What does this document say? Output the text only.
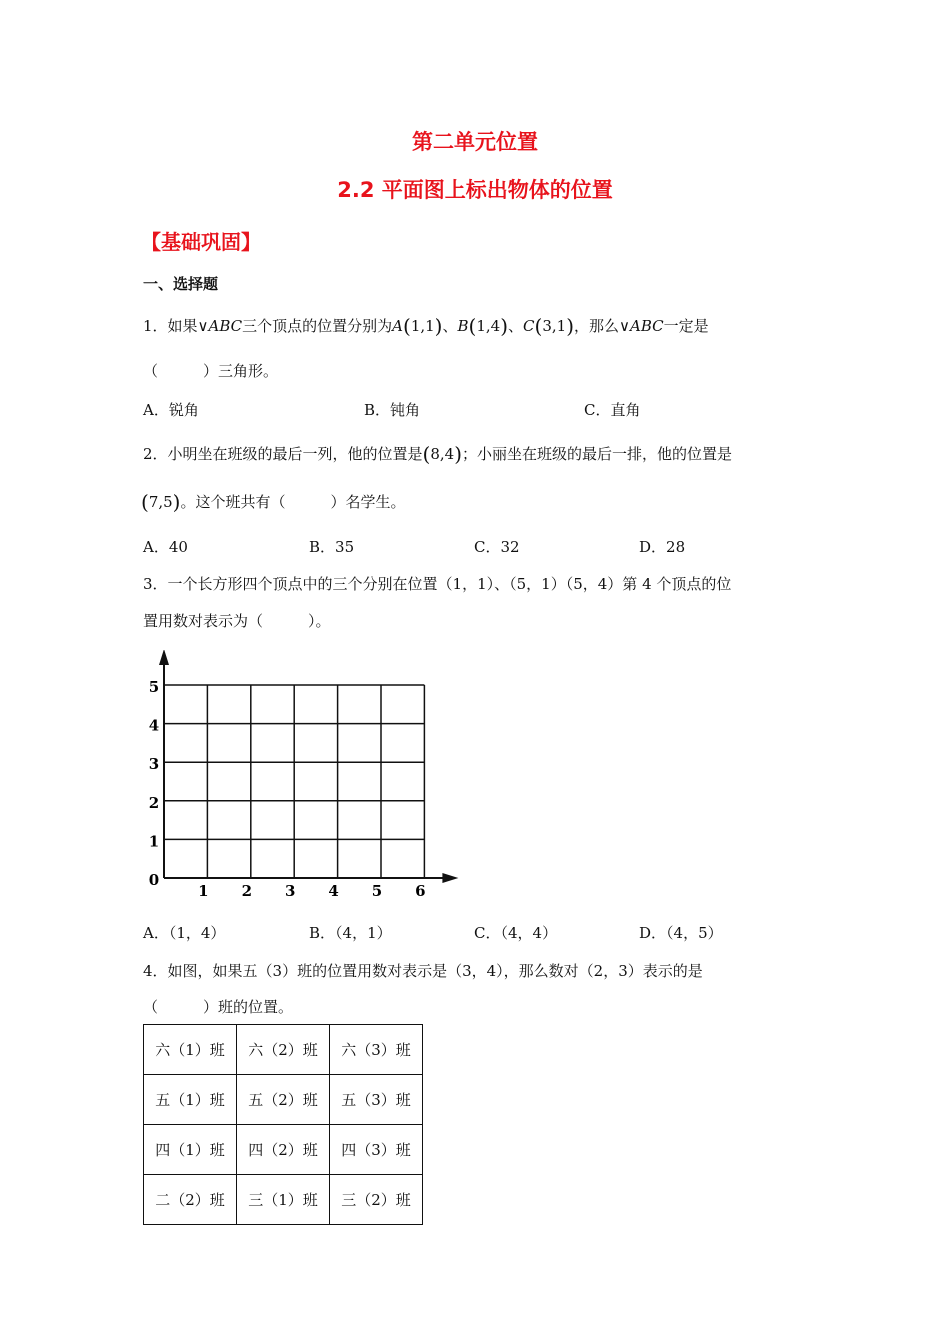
第二单元位置
2.2 平面图上标出物体的位置
【基础巩固】
一、选择题
1．如果∨ABC三个顶点的位置分别为A(1,1)、B(1,4)、C(3,1)，那么∨ABC一定是
（　　　）三角形。
A．锐角	B．钝角	C．直角
2．小明坐在班级的最后一列，他的位置是(8,4)；小丽坐在班级的最后一排，他的位置是
(7,5)。这个班共有（　　　）名学生。
A．40	B．35	C．32	D．28
3．一个长方形四个顶点中的三个分别在位置（1，1）、（5，1）（5，4）第 4 个顶点的位
置用数对表示为（　　　）。
1 2 3 4 5 6
0
1
2
3
4
5
A．（1，4）	B．（4，1）	C．（4，4）	D．（4，5）
4．如图，如果五（3）班的位置用数对表示是（3，4），那么数对（2，3）表示的是
（　　　）班的位置。
六（1）班	六（2）班	六（3）班
五（1）班	五（2）班	五（3）班
四（1）班	四（2）班	四（3）班
二（2）班	三（1）班	三（2）班
